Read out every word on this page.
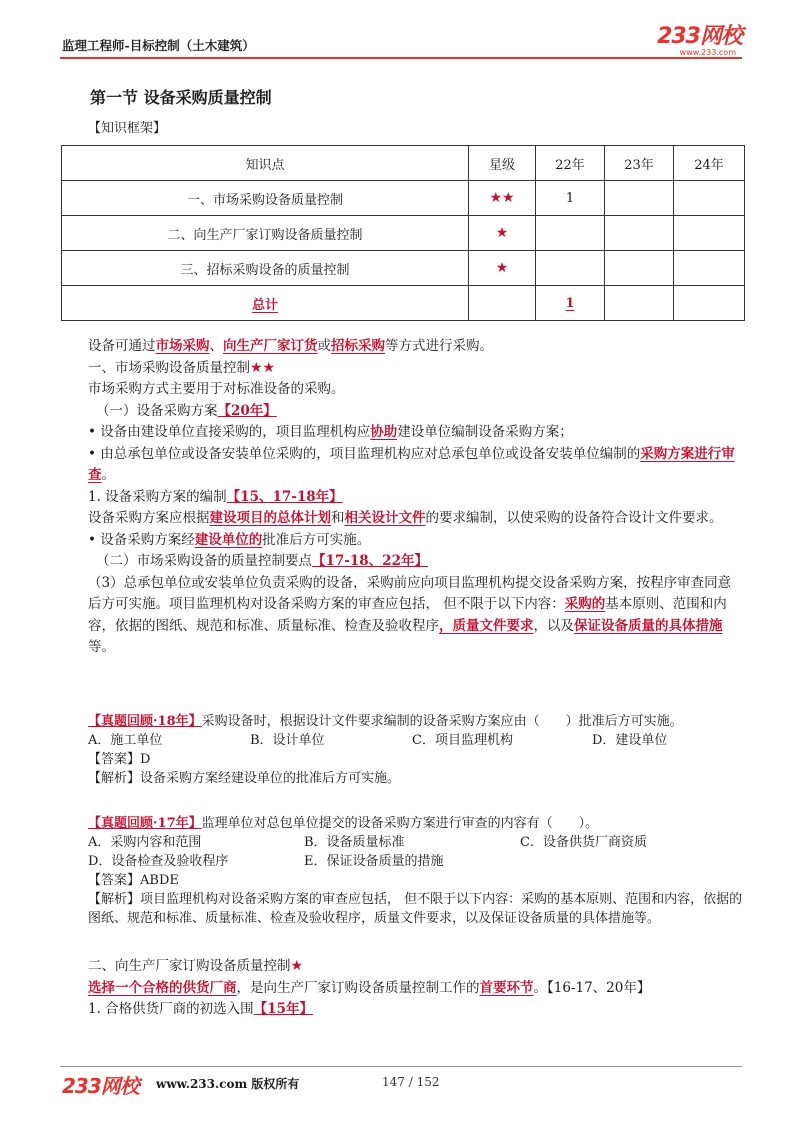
监理工程师-目标控制（土木建筑）	233网校
www.233.com
第一节 设备采购质量控制
【知识框架】
知识点	星级	22年	23年	24年
一、市场采购设备质量控制	★★	1		
二、向生产厂家订购设备质量控制	★			
三、招标采购设备的质量控制	★			
总计		1		

设备可通过市场采购、向生产厂家订货或招标采购等方式进行采购。

一、市场采购设备质量控制★★

市场采购方式主要用于对标准设备的采购。

（一）设备采购方案【20年】

• 设备由建设单位直接采购的，项目监理机构应协助建设单位编制设备采购方案；

• 由总承包单位或设备安装单位采购的，项目监理机构应对总承包单位或设备安装单位编制的采购方案进行审查。

1. 设备采购方案的编制【15、17-18年】

设备采购方案应根据建设项目的总体计划和相关设计文件的要求编制，以使采购的设备符合设计文件要求。

• 设备采购方案经建设单位的批准后方可实施。

（二）市场采购设备的质量控制要点【17-18、22年】

（3）总承包单位或安装单位负责采购的设备，采购前应向项目监理机构提交设备采购方案，按程序审查同意后方可实施。项目监理机构对设备采购方案的审查应包括， 但不限于以下内容：采购的基本原则、范围和内容，依据的图纸、规范和标准、质量标准、检查及验收程序，质量文件要求，以及保证设备质量的具体措施等。

【真题回顾·18年】采购设备时，根据设计文件要求编制的设备采购方案应由（　　）批准后方可实施。

A．施工单位	B．设计单位	C．项目监理机构	D．建设单位

【答案】D

【解析】设备采购方案经建设单位的批准后方可实施。

【真题回顾·17年】监理单位对总包单位提交的设备采购方案进行审查的内容有（　　）。

A．采购内容和范围	B．设备质量标准	C．设备供货厂商资质
D．设备检查及验收程序	E．保证设备质量的措施

【答案】ABDE

【解析】项目监理机构对设备采购方案的审查应包括， 但不限于以下内容：采购的基本原则、范围和内容，依据的图纸、规范和标准、质量标准、检查及验收程序，质量文件要求，以及保证设备质量的具体措施等。

二、向生产厂家订购设备质量控制★

选择一个合格的供货厂商，是向生产厂家订购设备质量控制工作的首要环节。【16-17、20年】

1. 合格供货厂商的初选入围【15年】

233网校 www.233.com 版权所有	147 / 152
